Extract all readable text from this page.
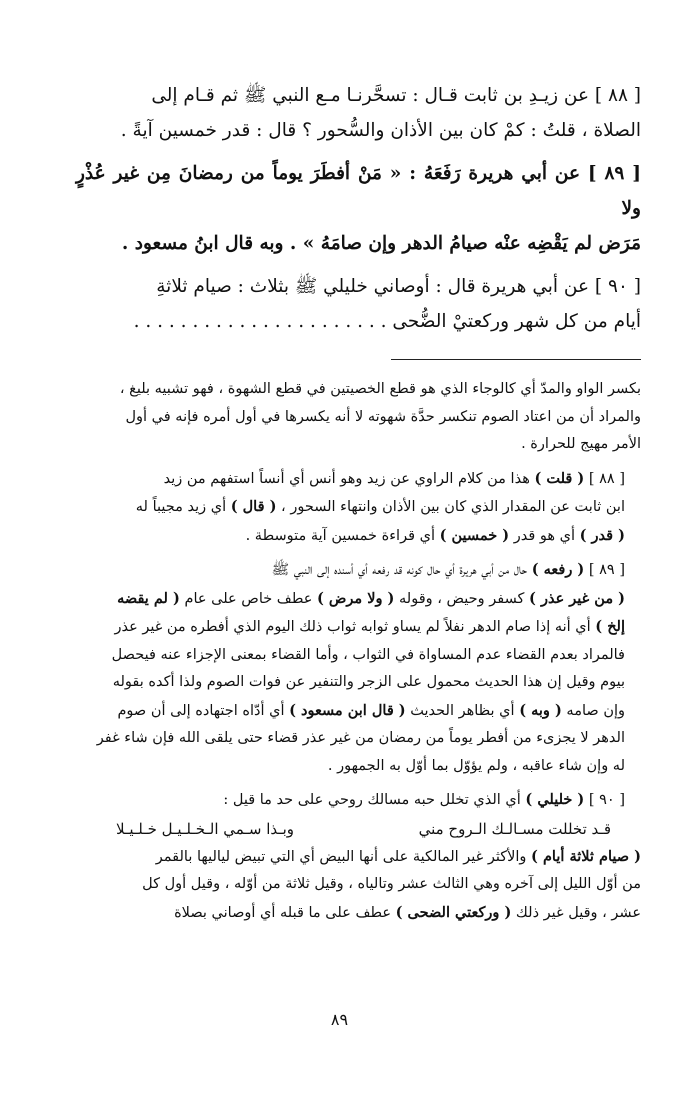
[ ٨٨ ] عن زيـدِ بن ثابت قـال : تسحَّرنـا مـع النبي ﷺ ثم قـام إلى
الصلاة ، قلتُ : كمْ كان بين الأذان والسُّحور ؟ قال : قدر خمسين آيةً .

[ ٨٩ ] عن أبي هريرة رَفَعَهُ : « مَنْ أفطَرَ يوماً من رمضانَ مِن غير عُذْرٍ ولا
مَرَض لم يَقْضِه عنْه صيامُ الدهر وإن صامَهُ » . وبه قال ابنُ مسعود .

[ ٩٠ ] عن أبي هريرة قال : أوصاني خليلي ﷺ بثلاث : صيام ثلاثةِ
أيام من كل شهر وركعتيْ الضُّحى . . . . . . . . . . . . . . . . . . . . . .

بكسر الواو والمدّ أي كالوجاء الذي هو قطع الخصيتين في قطع الشهوة ، فهو تشبيه بليغ ،
والمراد أن من اعتاد الصوم تنكسر حدَّة شهوته لا أنه يكسرها في أول أمره فإنه في أول
الأمر مهيج للحرارة .

[ ٨٨ ] ( قلت ) هذا من كلام الراوي عن زيد وهو أنس أي أنساً استفهم من زيد
ابن ثابت عن المقدار الذي كان بين الأذان وانتهاء السحور ، ( قال ) أي زيد مجيباً له
( قدر ) أي هو قدر ( خمسين ) أي قراءة خمسين آية متوسطة .

[ ٨٩ ] ( رفعه ) حال من أبي هريرة أي حال كونه قد رفعه أي أسنده إلى النبي ﷺ
( من غير عذر ) كسفر وحيض ، وقوله ( ولا مرض ) عطف خاص على عام ( لم يقضه
إلخ ) أي أنه إذا صام الدهر نفلاً لم يساو ثوابه ثواب ذلك اليوم الذي أفطره من غير عذر
فالمراد بعدم القضاء عدم المساواة في الثواب ، وأما القضاء بمعنى الإجزاء عنه فيحصل
بيوم وقيل إن هذا الحديث محمول على الزجر والتنفير عن فوات الصوم ولذا أكده بقوله
وإن صامه ( وبه ) أي بظاهر الحديث ( قال ابن مسعود ) أي أدّاه اجتهاده إلى أن صوم
الدهر لا يجزىء من أفطر يوماً من رمضان من غير عذر قضاء حتى يلقى الله فإن شاء غفر
له وإن شاء عاقبه ، ولم يؤوّل بما أوّل به الجمهور .

[ ٩٠ ] ( خليلي ) أي الذي تخلل حبه مسالك روحي على حد ما قيل :

قـد تخللت مسـالـك الـروح مني
وبـذا سـمي الـخـلـيـل خـلـيـلا

( صيام ثلاثة أيام ) والأكثر غير المالكية على أنها البيض أي التي تبيض لياليها بالقمر
من أوّل الليل إلى آخره وهي الثالث عشر وتالياه ، وقيل ثلاثة من أوّله ، وقيل أول كل
عشر ، وقيل غير ذلك ( وركعتي الضحى ) عطف على ما قبله أي أوصاني بصلاة

٨٩
